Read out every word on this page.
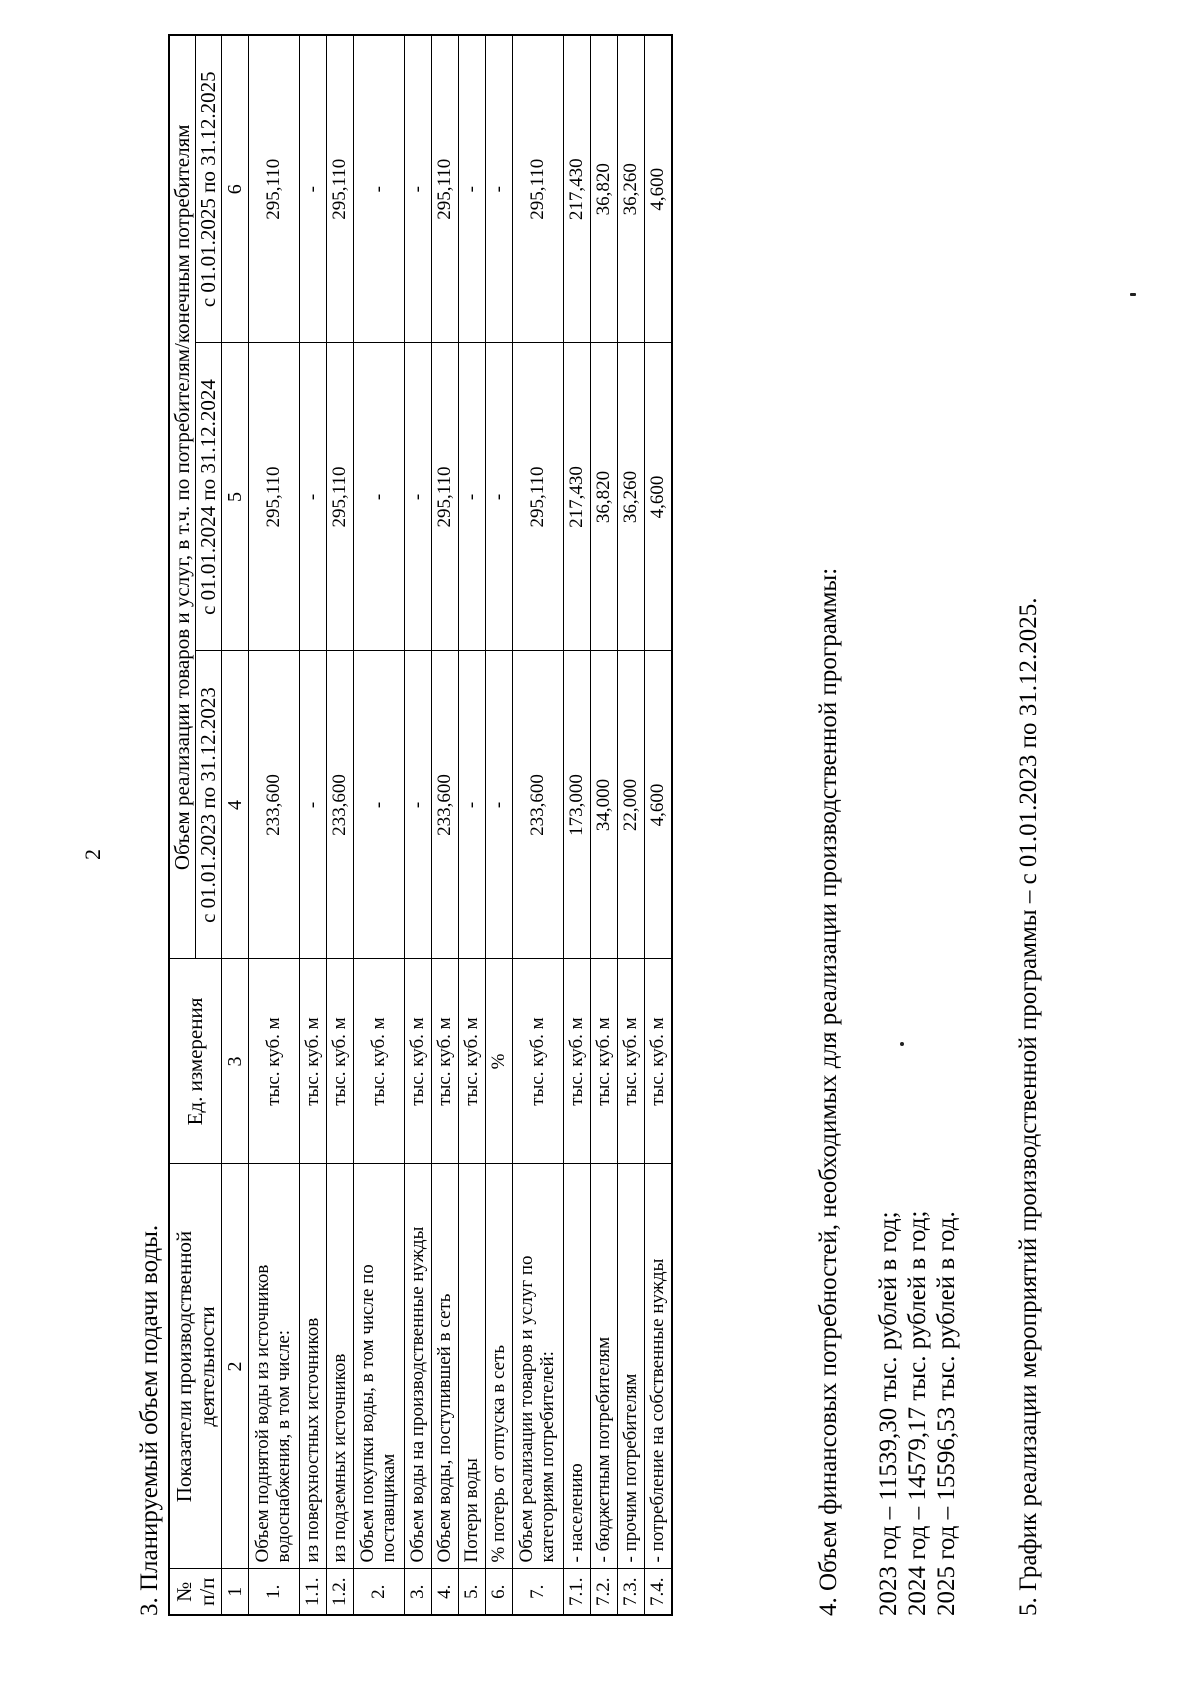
2
3. Планируемый объем подачи воды. № п/п	Показатели производственной деятельности	Ед. измерения	Объем реализации товаров и услуг, в т.ч. по потребителям/конечным потребителям		
			с 01.01.2023 по 31.12.2023	с 01.01.2024 по 31.12.2024	с 01.01.2025 по 31.12.2025
1	2	3	4	5	6
1.	Объем поднятой воды из источников водоснабжения, в том числе:	тыс. куб. м	233,600	295,110	295,110
1.1.	из поверхностных источников	тыс. куб. м	-	-	-
1.2.	из подземных источников	тыс. куб. м	233,600	295,110	295,110
2.	Объем покупки воды, в том числе по поставщикам	тыс. куб. м	-	-	-
3.	Объем воды на производственные нужды	тыс. куб. м	-	-	-
4.	Объем воды, поступившей в сеть	тыс. куб. м	233,600	295,110	295,110
5.	Потери воды	тыс. куб. м	-	-	-
6.	% потерь от отпуска в сеть	%	-	-	-
7.	Объем реализации товаров и услуг по категориям потребителей:	тыс. куб. м	233,600	295,110	295,110
7.1.	- населению	тыс. куб. м	173,000	217,430	217,430
7.2.	- бюджетным потребителям	тыс. куб. м	34,000	36,820	36,820
7.3.	- прочим потребителям	тыс. куб. м	22,000	36,260	36,260
7.4.	- потребление на собственные нужды	тыс. куб. м	4,600	4,600	4,600
4. Объем финансовых потребностей, необходимых для реализации производственной программы: 2023 год – 11539,30 тыс. рублей в год; 2024 год – 14579,17 тыс. рублей в год; 2025 год – 15596,53 тыс. рублей в год. 5. График реализации мероприятий производственной программы – с 01.01.2023 по 31.12.2025.
